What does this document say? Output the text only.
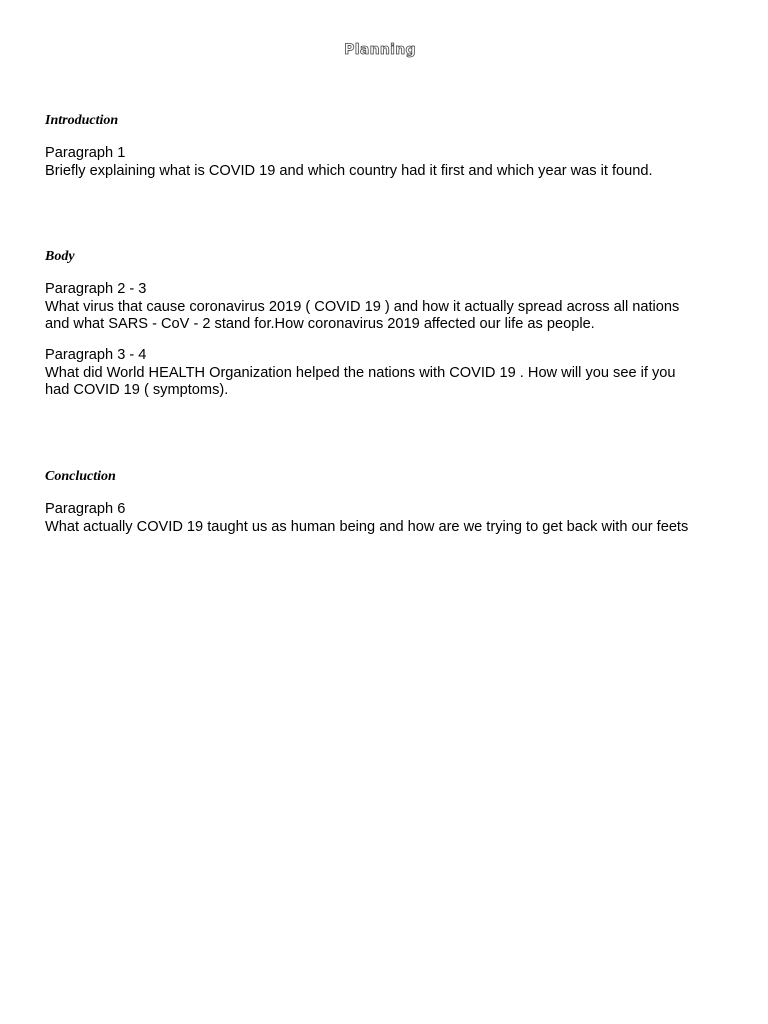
Planning
Introduction
Paragraph 1
Briefly explaining what is COVID 19 and which country had it first and which year was it found.
Body
Paragraph 2 - 3
What virus that cause coronavirus 2019 ( COVID 19 ) and how it actually spread across all nations
and what SARS - CoV - 2 stand for.How coronavirus 2019 affected our life as people.
Paragraph 3 - 4
What did World HEALTH Organization helped the nations with COVID 19 . How will you see if you
had COVID 19 ( symptoms).
Concluction
Paragraph 6
What actually COVID 19 taught us as human being and how are we trying to get back with our feets
